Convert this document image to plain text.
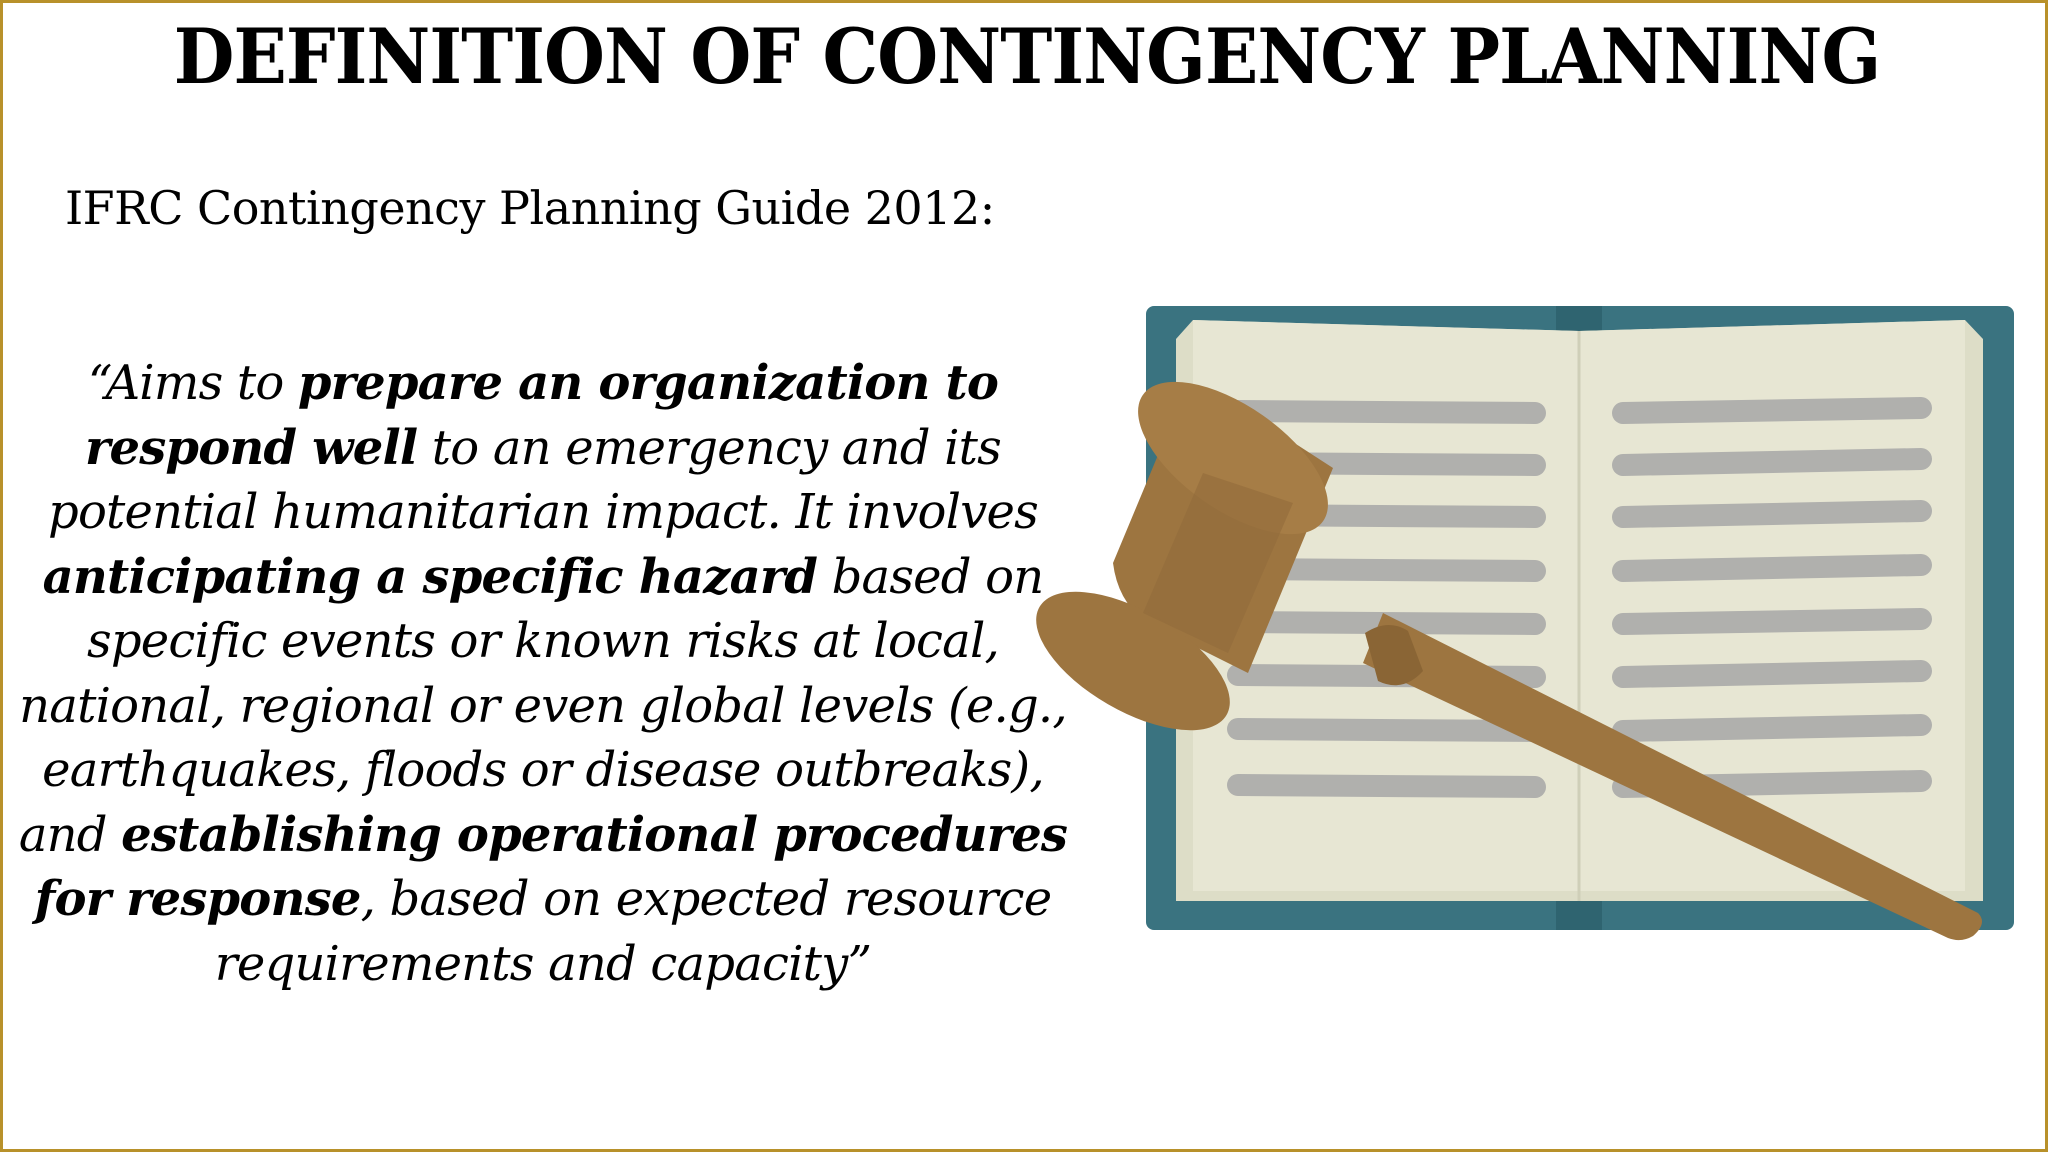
DEFINITION OF CONTINGENCY PLANNING
IFRC Contingency Planning Guide 2012:
“Aims to prepare an organization to respond well to an emergency and its potential humanitarian impact. It involves anticipating a specific hazard based on specific events or known risks at local, national, regional or even global levels (e.g., earthquakes, floods or disease outbreaks), and establishing operational procedures for response, based on expected resource requirements and capacity”
